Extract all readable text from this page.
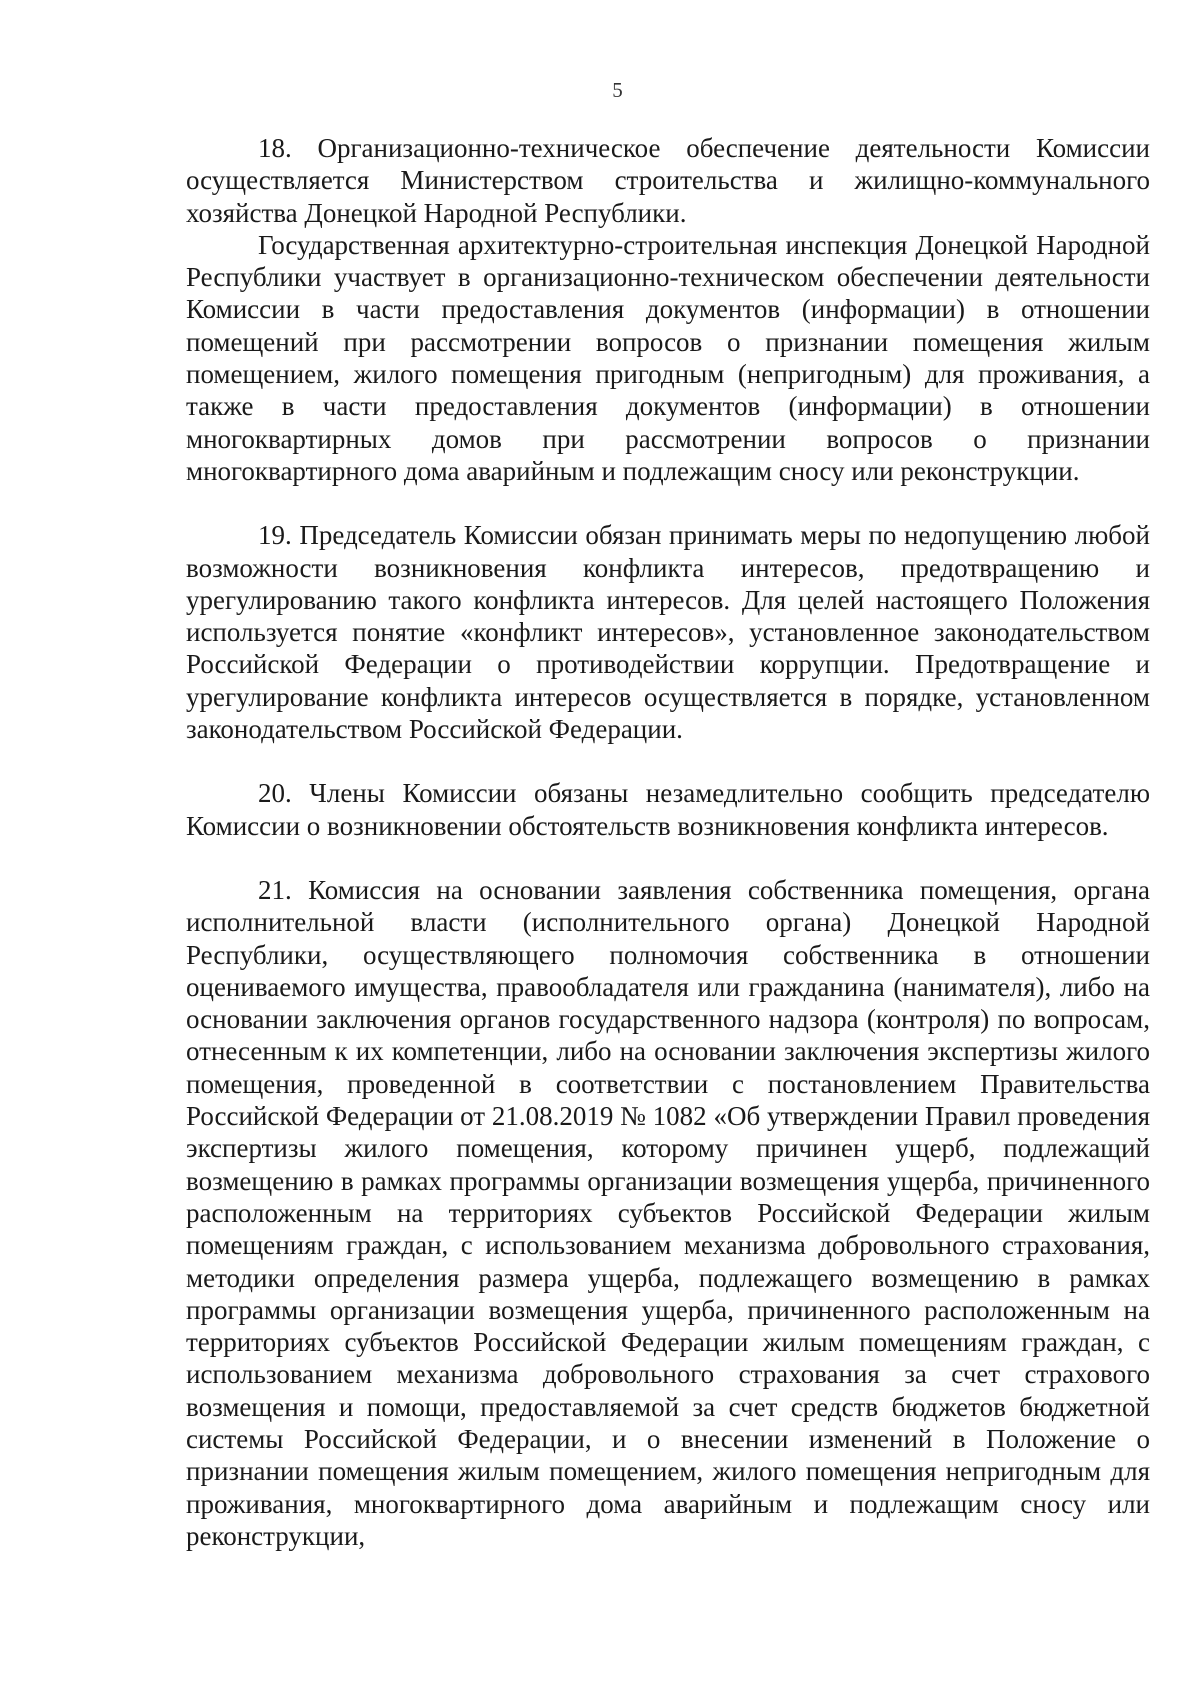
5

18. Организационно-техническое обеспечение деятельности Комиссии осуществляется Министерством строительства и жилищно-коммунального хозяйства Донецкой Народной Республики.

Государственная архитектурно-строительная инспекция Донецкой Народной Республики участвует в организационно-техническом обеспечении деятельности Комиссии в части предоставления документов (информации) в отношении помещений при рассмотрении вопросов о признании помещения жилым помещением, жилого помещения пригодным (непригодным) для проживания, а также в части предоставления документов (информации) в отношении многоквартирных домов при рассмотрении вопросов о признании многоквартирного дома аварийным и подлежащим сносу или реконструкции.

19. Председатель Комиссии обязан принимать меры по недопущению любой возможности возникновения конфликта интересов, предотвращению и урегулированию такого конфликта интересов. Для целей настоящего Положения используется понятие «конфликт интересов», установленное законодательством Российской Федерации о противодействии коррупции. Предотвращение и урегулирование конфликта интересов осуществляется в порядке, установленном законодательством Российской Федерации.

20. Члены Комиссии обязаны незамедлительно сообщить председателю Комиссии о возникновении обстоятельств возникновения конфликта интересов.

21. Комиссия на основании заявления собственника помещения, органа исполнительной власти (исполнительного органа) Донецкой Народной Республики, осуществляющего полномочия собственника в отношении оцениваемого имущества, правообладателя или гражданина (нанимателя), либо на основании заключения органов государственного надзора (контроля) по вопросам, отнесенным к их компетенции, либо на основании заключения экспертизы жилого помещения, проведенной в соответствии с постановлением Правительства Российской Федерации от 21.08.2019 № 1082 «Об утверждении Правил проведения экспертизы жилого помещения, которому причинен ущерб, подлежащий возмещению в рамках программы организации возмещения ущерба, причиненного расположенным на территориях субъектов Российской Федерации жилым помещениям граждан, с использованием механизма добровольного страхования, методики определения размера ущерба, подлежащего возмещению в рамках программы организации возмещения ущерба, причиненного расположенным на территориях субъектов Российской Федерации жилым помещениям граждан, с использованием механизма добровольного страхования за счет страхового возмещения и помощи, предоставляемой за счет средств бюджетов бюджетной системы Российской Федерации, и о внесении изменений в Положение о признании помещения жилым помещением, жилого помещения непригодным для проживания, многоквартирного дома аварийным и подлежащим сносу или реконструкции,
